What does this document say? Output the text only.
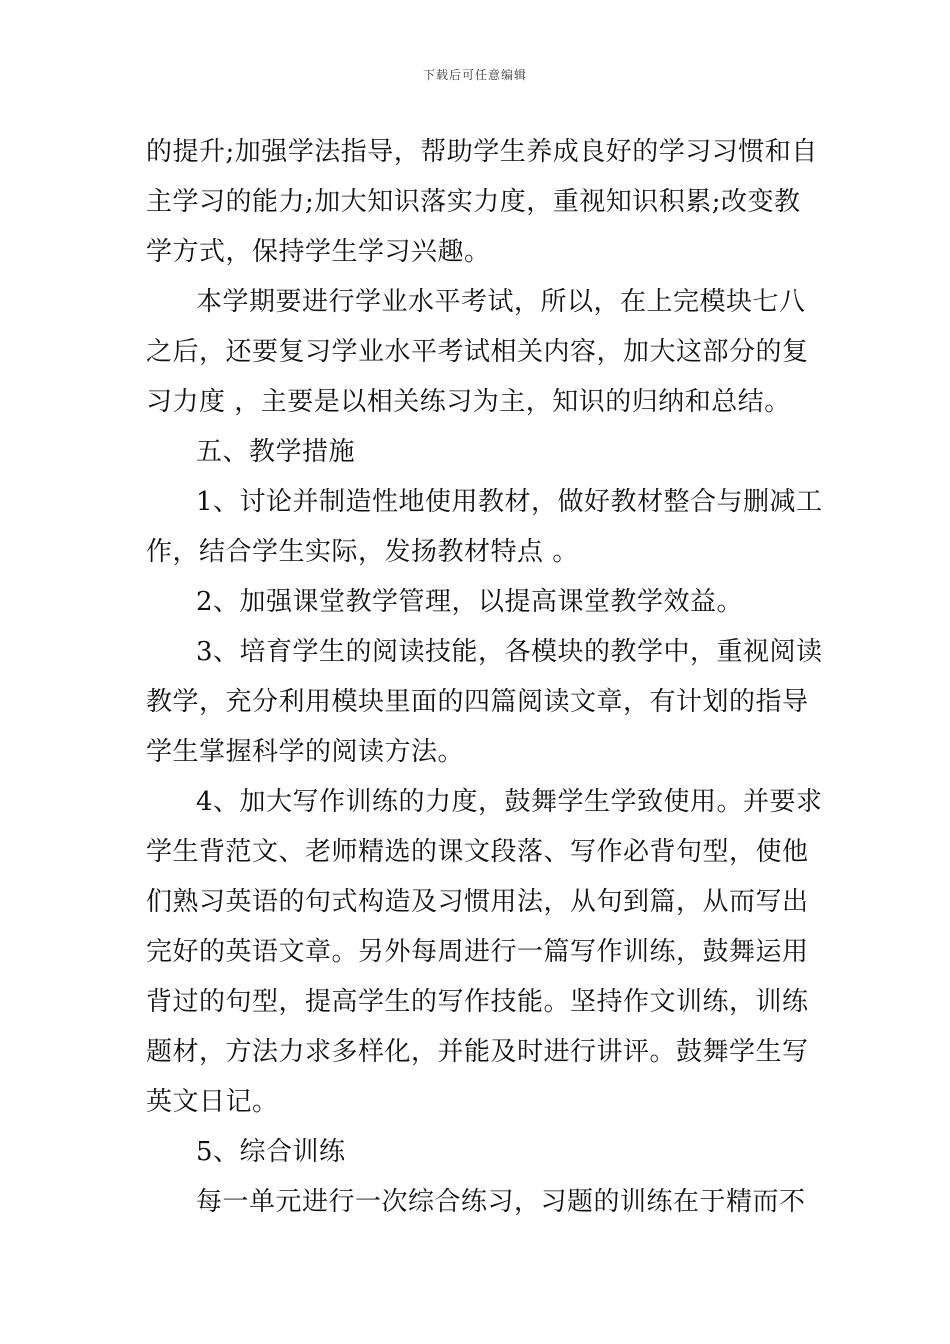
下载后可任意编辑
的提升;加强学法指导，帮助学生养成良好的学习习惯和自
主学习的能力;加大知识落实力度，重视知识积累;改变教
学方式，保持学生学习兴趣。
本学期要进行学业水平考试，所以，在上完模块七八
之后，还要复习学业水平考试相关内容，加大这部分的复
习力度 ，主要是以相关练习为主，知识的归纳和总结。
五、教学措施
1、讨论并制造性地使用教材，做好教材整合与删减工
作，结合学生实际，发扬教材特点 。
2、加强课堂教学管理，以提高课堂教学效益。
3、培育学生的阅读技能，各模块的教学中，重视阅读
教学，充分利用模块里面的四篇阅读文章，有计划的指导
学生掌握科学的阅读方法。
4、加大写作训练的力度，鼓舞学生学致使用。并要求
学生背范文、老师精选的课文段落、写作必背句型，使他
们熟习英语的句式构造及习惯用法，从句到篇，从而写出
完好的英语文章。另外每周进行一篇写作训练，鼓舞运用
背过的句型，提高学生的写作技能。坚持作文训练，训练
题材，方法力求多样化，并能及时进行讲评。鼓舞学生写
英文日记。
5、综合训练
每一单元进行一次综合练习，习题的训练在于精而不
